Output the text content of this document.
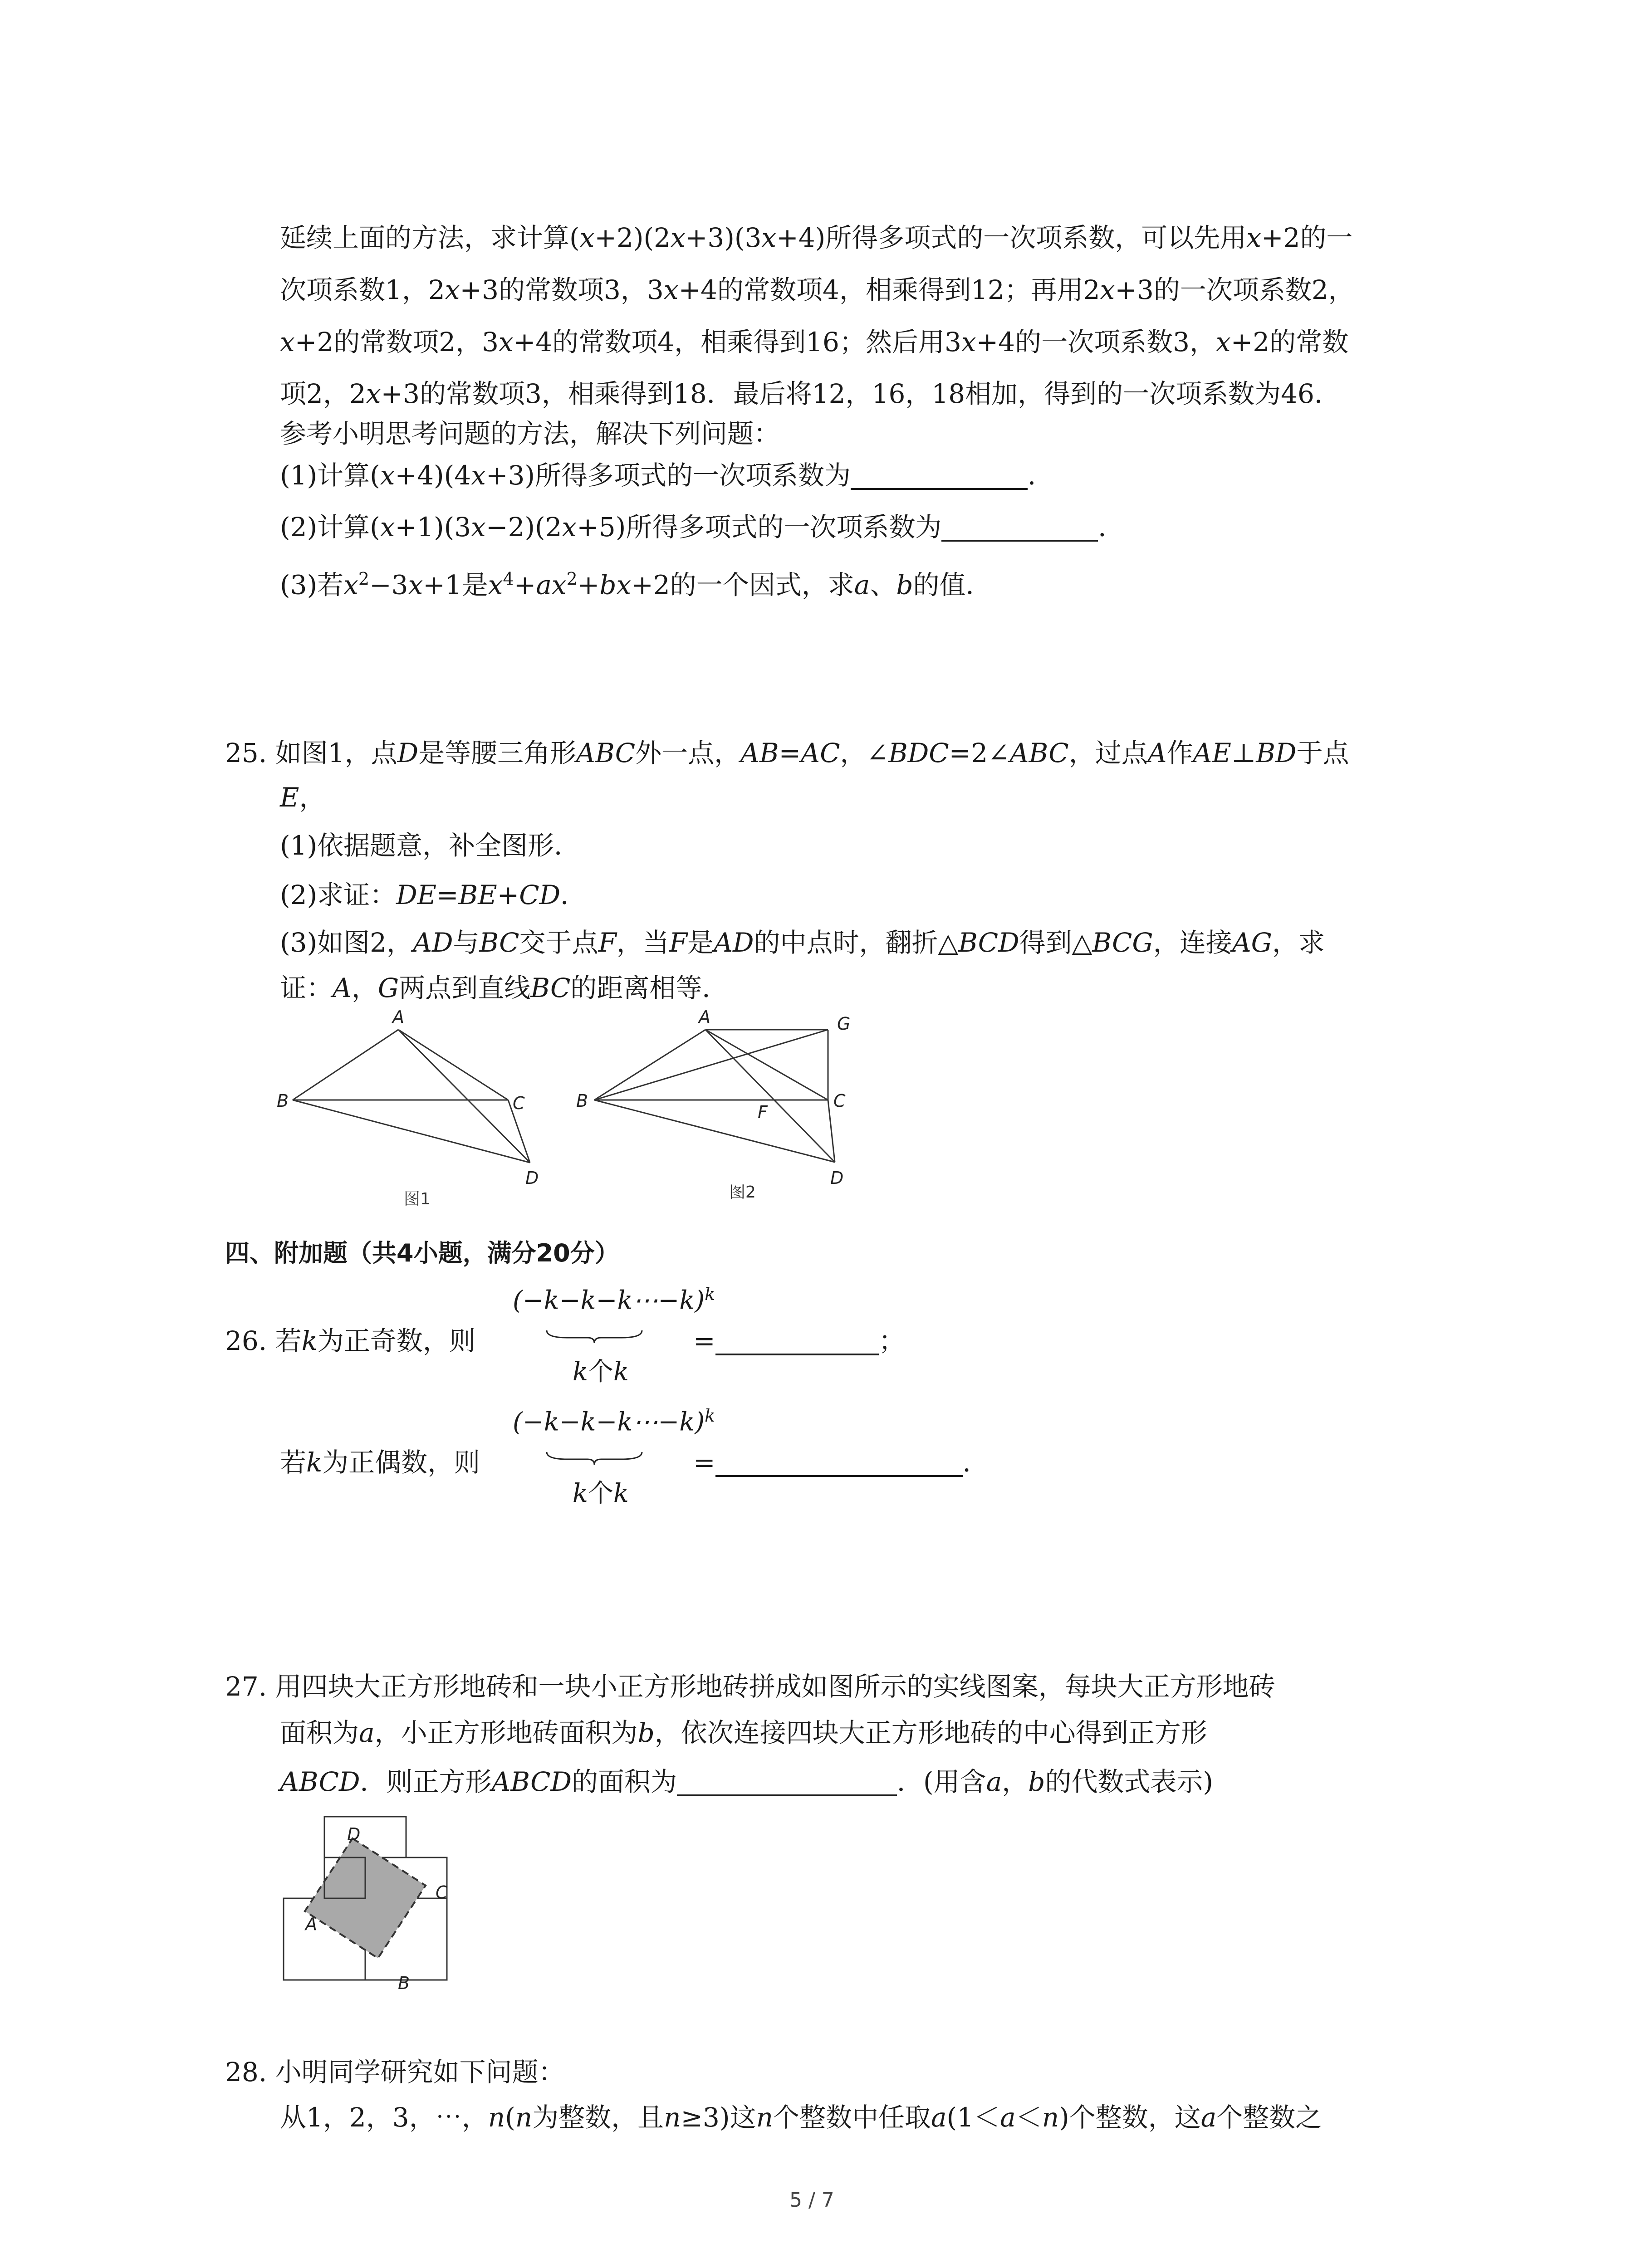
延续上面的方法，求计算(x+2)(2x+3)(3x+4)所得多项式的一次项系数，可以先用x+2的一
次项系数1，2x+3的常数项3，3x+4的常数项4，相乘得到12；再用2x+3的一次项系数2，
x+2的常数项2，3x+4的常数项4，相乘得到16；然后用3x+4的一次项系数3，x+2的常数
项2，2x+3的常数项3，相乘得到18．最后将12，16，18相加，得到的一次项系数为46．
参考小明思考问题的方法，解决下列问题：
(1)计算(x+4)(4x+3)所得多项式的一次项系数为	．
(2)计算(x+1)(3x−2)(2x+5)所得多项式的一次项系数为	．
(3)若$x^2-3x+1$是$x^4+ax^2+bx+2$的一个因式，求a、b的值．
25. 如图1，点D是等腰三角形ABC外一点，AB=AC，∠BDC=2∠ABC，过点A作AE⊥BD于点
E，
(1)依据题意，补全图形．
(2)求证：DE=BE+CD．
(3)如图2，AD与BC交于点F，当F是AD的中点时，翻折△BCD得到△BCG，连接AG，求
证：A，G两点到直线BC的距离相等．
A
B	C
D
图1
A	G
B	C
F
D
图2
四、附加题（共4小题，满分20分）
26. 若k为正奇数，则
(−k−k−k⋯−k)$^k$
k个k
=	；
若k为正偶数，则
(−k−k−k⋯−k)$^k$
k个k
=	．
27. 用四块大正方形地砖和一块小正方形地砖拼成如图所示的实线图案，每块大正方形地砖
面积为a，小正方形地砖面积为b，依次连接四块大正方形地砖的中心得到正方形
ABCD．则正方形ABCD的面积为	．(用含a，b的代数式表示)
D
C
A
B
28. 小明同学研究如下问题：
从1，2，3，⋯，n(n为整数，且n≥3)这n个整数中任取a(1＜a＜n)个整数，这a个整数之
5 / 7
